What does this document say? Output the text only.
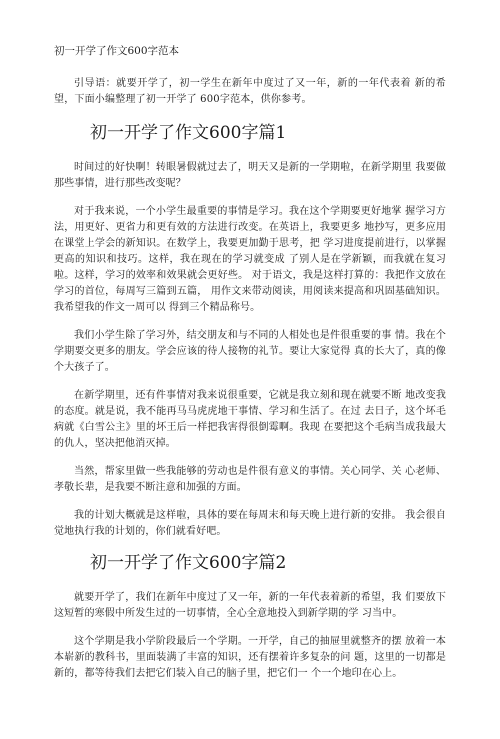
初一开学了作文600字范本

引导语：就要开学了，初一学生在新年中度过了又一年，新的一年代表着 新的希望，下面小编整理了初一开学了 600字范本，供你参考。

初一开学了作文600字篇1

时间过的好快啊！转眼暑假就过去了，明天又是新的一学期啦，在新学期里 我要做那些事情，进行那些改变呢？

对于我来说，一个小学生最重要的事情是学习。我在这个学期要更好地掌 握学习方法，用更好、更省力和更有效的方法进行改变。在英语上，我要更多 地抄写，更多应用在课堂上学会的新知识。在数学上，我要更加勤于思考，把 学习进度提前进行，以掌握更高的知识和技巧。这样，我在现在的学习就变成 了别人是在学新颖，而我就在复习啦。这样，学习的效率和效果就会更好些。 对于语文，我是这样打算的：我把作文放在学习的首位，每周写三篇到五篇， 用作文来带动阅读，用阅读来提高和巩固基础知识。我希望我的作文一周可以 得到三个精品称号。

我们小学生除了学习外，结交朋友和与不同的人相处也是件很重要的事 情。我在个学期要交更多的朋友。学会应该的待人接物的礼节。要让大家觉得 真的长大了，真的像个大孩子了。

在新学期里，还有件事情对我来说很重要，它就是我立刻和现在就要不断 地改变我的态度。就是说，我不能再马马虎虎地干事情、学习和生活了。在过 去日子，这个坏毛病就《白雪公主》里的坏王后一样把我害得很倒霉啊。我现 在要把这个毛病当成我最大的仇人，坚决把他消灭掉。

当然，帮家里做一些我能够的劳动也是件很有意义的事情。关心同学、关 心老师、孝敬长辈，是我要不断注意和加强的方面。

我的计划大概就是这样啦，具体的要在每周末和每天晚上进行新的安排。 我会很自觉地执行我的计划的，你们就看好吧。

初一开学了作文600字篇2

就要开学了，我们在新年中度过了又一年，新的一年代表着新的希望，我 们要放下这短暂的寒假中所发生过的一切事情，全心全意地投入到新学期的学 习当中。

这个学期是我小学阶段最后一个学期。一开学，自己的抽屉里就整齐的摆 放着一本本崭新的教科书，里面装满了丰富的知识，还有摆着许多复杂的问 题，这里的一切都是新的，都等待我们去把它们装入自己的脑子里，把它们一 个一个地印在心上。
